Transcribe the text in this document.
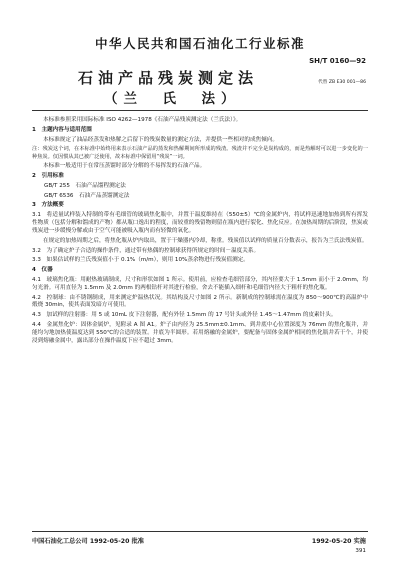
中华人民共和国石油化工行业标准
SH/T 0160—92
石油产品残炭测定法
（兰　氏　法）
代替 ZB E30 001—86

本标准参照采用国际标准 ISO 4262—1978《石油产品残炭测定法（兰氏法）》。

1　主题内容与适用范围

本标准规定了油品经蒸发和热解之后留下的残炭数量的测定方法，并提供一些相对的成焦倾向。

注：残炭这个词，在本标准中始终用来表示石油产品的蒸发和热解期间所形成的残渣。残渣并不完全是炭构成的，而是热解时可以进一步变化的一种焦炭。仅因惯从其已被广泛使用，故本标准中保留用“残炭”一词。

本标准一般适用于在常压蒸馏时部分分解的不易挥发的石油产品。

2　引用标准

GB/T 255　石油产品馏程测定法

GB/T 6536　石油产品蒸馏测定法

3　方法概要

3.1　将适量试样装入特制的带有毛细管的玻璃焦化瓶中，并置于温度维持在（550±5）℃的金属炉内，将试样迅速地加热到所有挥发性物质（包括分解和馏成的产物）都从瓶口逸出的程度，而较重的残留物则留在瓶内进行裂化、焦化反应。在加热周期的后阶段，焦炭或残炭进一步缓慢分解或由于空气可能被吸入瓶内而有轻微的氧化。

在规定的加热周期之后，将焦化瓶从炉内取出，置于干燥器内冷却，称重。残炭值以试样的质量百分数表示，报告为兰氏法残炭值。

3.2　为了确定炉子合适的操作条件，通过带有热偶的控制球获得所规定的时间－温度关系。

3.3　如果估试样的兰氏残炭值小于 0.1%（m/m），则用 10%蒸余物进行残炭值测定。

4　仪器

4.1　玻璃焦化瓶：用耐热玻璃制成，尺寸和形状如图 1 所示。使用前，应检查毛细管部分，其内径要大于 1.5mm 而小于 2.0mm，均匀光滑。可用直径为 1.5mm 及 2.0mm 的两根钻杆对其进行检验，舍去不能插入细杆和毛细管内径大于粗杆的焦化瓶。

4.2　控制球：由不锈钢制成，用来测定炉温热状况。其结构及尺寸如图 2 所示。新制成的控制球需在温度为 850～900℃的高温炉中煅烧 30min，使其表面发暗方可使用。

4.3　加试样的注射器：用 5 或 10mL 皮下注射器，配有外径 1.5mm 的 17 号针头或外径 1.45～1.47mm 的皮素针头。

4.4　金属焦化炉：固体金属炉，见附录 A 图 A1。炉子由内径为 25.5mm±0.1mm、到井底中心位置深度为 76mm 的焦化瓶井，并能均匀地加热使温度达到 550℃的合适的装置。井底为半圆形。若用熔融的金属炉，要配备与固体金属炉相同的焦化瓶井若干个，并使浸到熔融金属中，露出部分在操作温度下应不超过 3mm。

中国石油化工总公司 1992-05-20 批准	1992-05-20 实施
391
